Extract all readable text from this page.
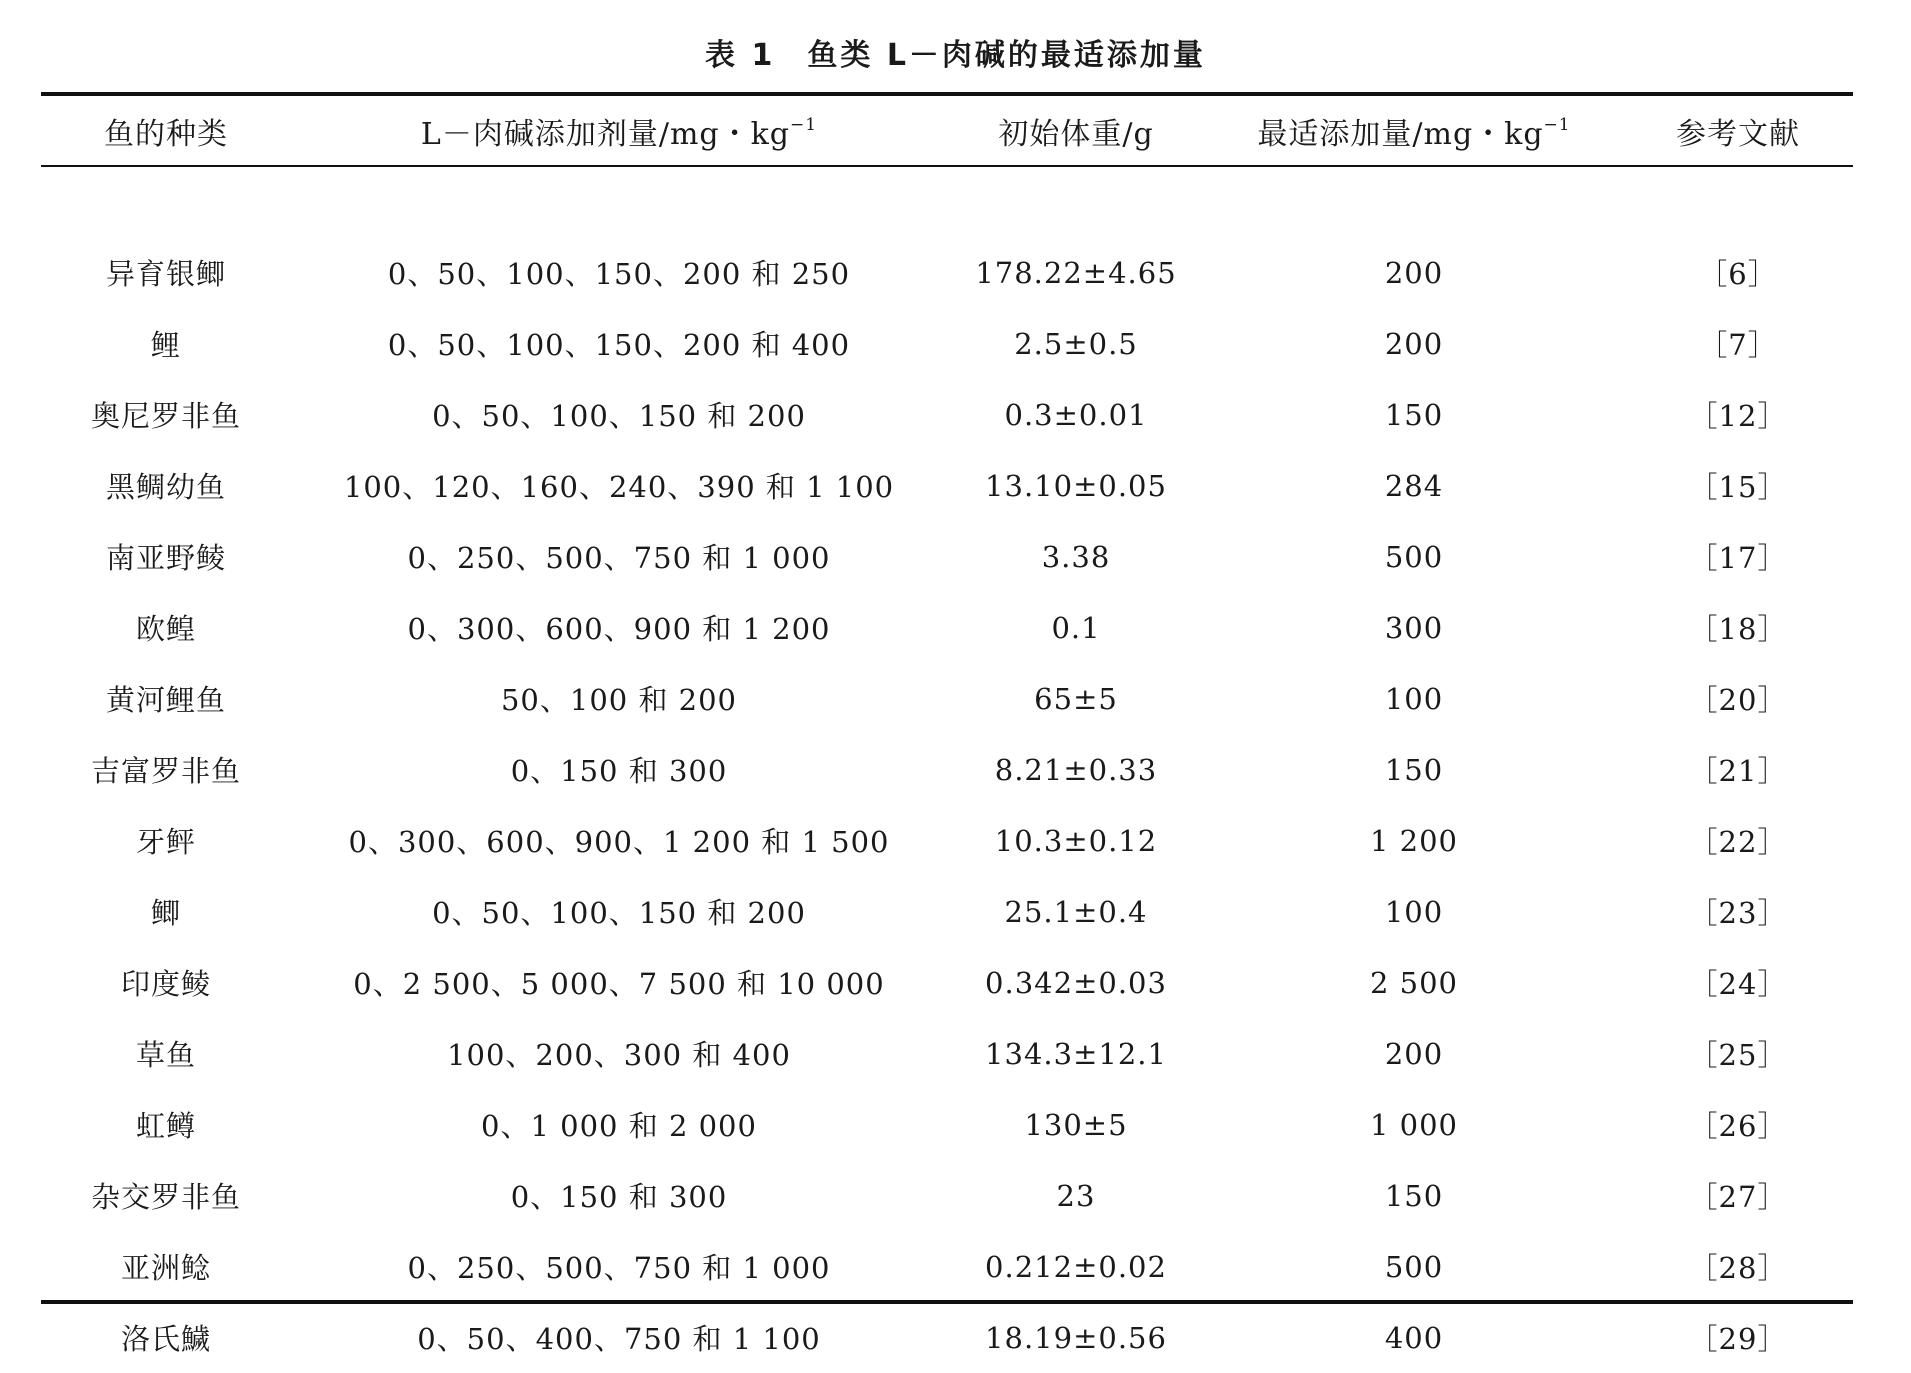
表 1 鱼类 L－肉碱的最适添加量
鱼的种类	L－肉碱添加剂量/mg・$kg^{-1}$	初始体重/g	最适添加量/mg・$kg^{-1}$	参考文献

异育银鲫	0、50、100、150、200 和 250	178.22±4.65	200	［6］
鲤	0、50、100、150、200 和 400	2.5±0.5	200	［7］
奥尼罗非鱼	0、50、100、150 和 200	0.3±0.01	150	［12］
黑鲷幼鱼	100、120、160、240、390 和 1 100	13.10±0.05	284	［15］
南亚野鲮	0、250、500、750 和 1 000	3.38	500	［17］
欧鳇	0、300、600、900 和 1 200	0.1	300	［18］
黄河鲤鱼	50、100 和 200	65±5	100	［20］
吉富罗非鱼	0、150 和 300	8.21±0.33	150	［21］
牙鲆	0、300、600、900、1 200 和 1 500	10.3±0.12	1 200	［22］
鲫	0、50、100、150 和 200	25.1±0.4	100	［23］
印度鲮	0、2 500、5 000、7 500 和 10 000	0.342±0.03	2 500	［24］
草鱼	100、200、300 和 400	134.3±12.1	200	［25］
虹鳟	0、1 000 和 2 000	130±5	1 000	［26］
杂交罗非鱼	0、150 和 300	23	150	［27］
亚洲鲶	0、250、500、750 和 1 000	0.212±0.02	500	［28］
洛氏鱥	0、50、400、750 和 1 100	18.19±0.56	400	［29］
